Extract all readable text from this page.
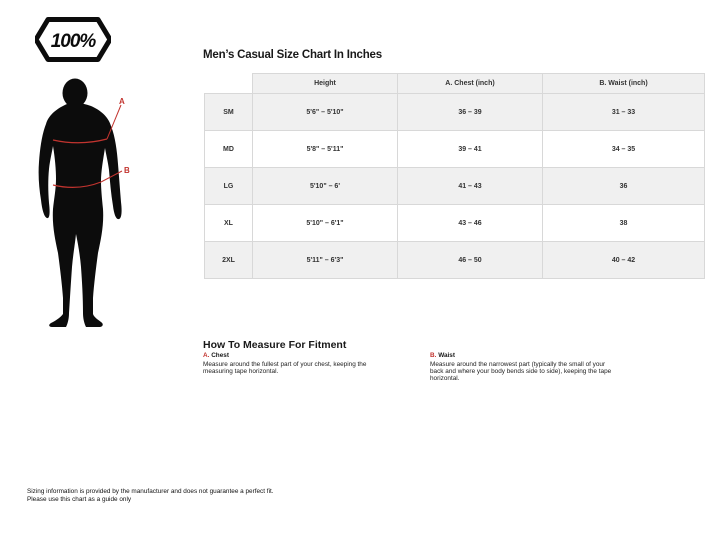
100%
A
B
Men’s Casual Size Chart In Inches
	Height	A. Chest (inch)	B. Waist (inch)
SM	5'6" – 5'10"	36 – 39	31 – 33
MD	5'8" – 5'11"	39 – 41	34 – 35
LG	5'10" – 6'	41 – 43	36
XL	5'10" – 6'1"	43 – 46	38
2XL	5'11" – 6'3"	46 – 50	40 – 42
How To Measure For Fitment
A. Chest
Measure around the fullest part of your chest, keeping the measuring tape horizontal.
B. Waist
Measure around the narrowest part (typically the small of your back and where your body bends side to side), keeping the tape horizontal.
Sizing information is provided by the manufacturer and does not guarantee a perfect fit.
Please use this chart as a guide only
